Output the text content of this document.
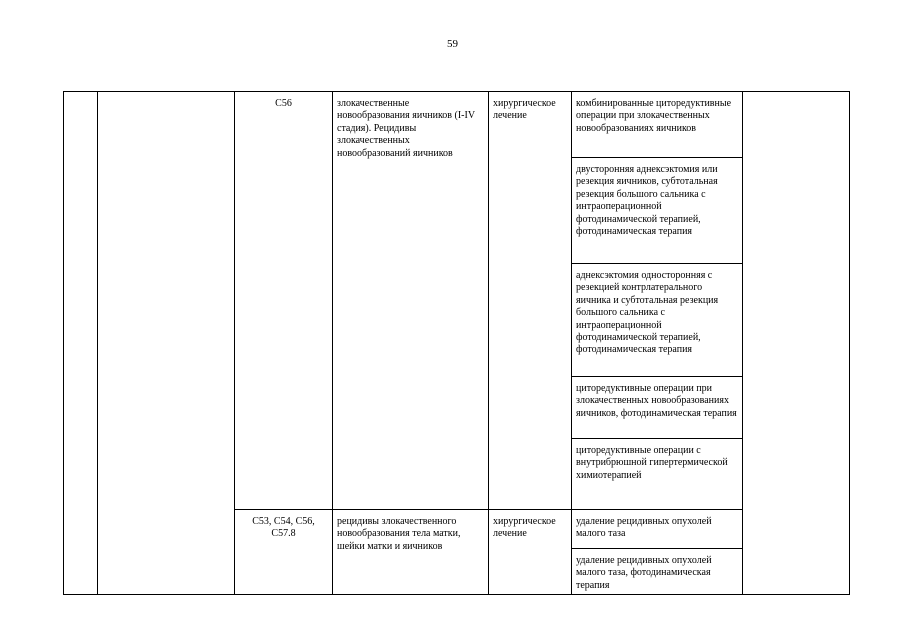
59
		C56	злокачественные новообразования яичников (I-IV стадия). Рецидивы злокачественных новообразований яичников	хирургическое лечение	комбинированные циторедуктивные операции при злокачественных новообразованиях яичников	
					двусторонняя аднексэктомия или резекция яичников, субтотальная резекция большого сальника с интраоперационной фотодинамической терапией, фотодинамическая терапия	
					аднексэктомия односторонняя с резекцией контрлатерального яичника и субтотальная резекция большого сальника с интраоперационной фотодинамической терапией, фотодинамическая терапия	
					циторедуктивные операции при злокачественных новообразованиях яичников, фотодинамическая терапия	
					циторедуктивные операции с внутрибрюшной гипертермической химиотерапией	
		C53, C54, C56, C57.8	рецидивы злокачественного новообразования тела матки, шейки матки и яичников	хирургическое лечение	удаление рецидивных опухолей малого таза	
					удаление рецидивных опухолей малого таза, фотодинамическая терапия	
